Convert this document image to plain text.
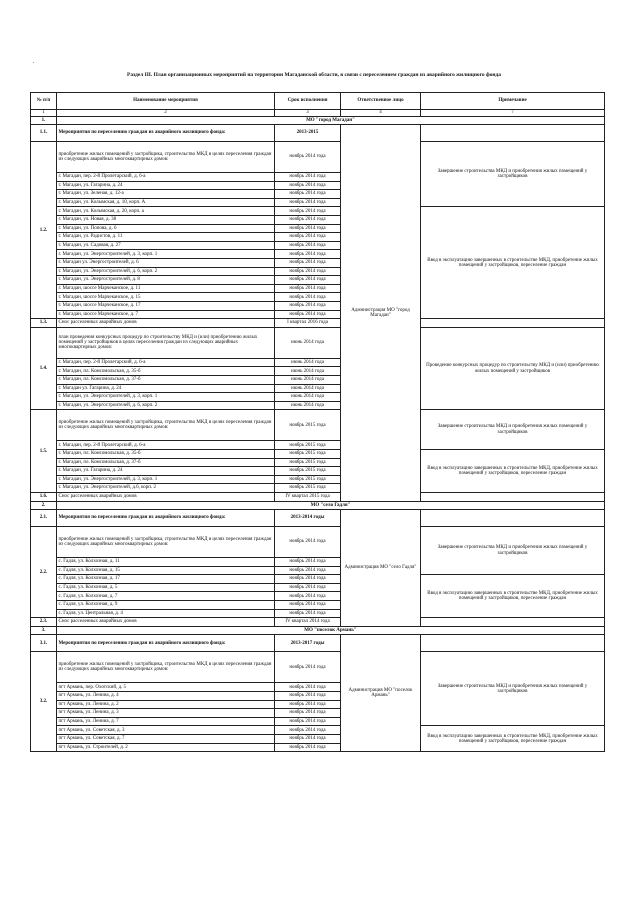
Раздел III. План организационных мероприятий на территории Магаданской области, в связи с переселением граждан из аварийного жилищного фонда
№ п/п	Наименование мероприятия	Срок исполнения	Ответственное лицо	Примечание
1	2	3	4	7
1.	МО "город Магадан"			
1.1.	Мероприятия по переселению граждан из аварийного жилищного фонда:	2013-2015	Администрация МО "город Магадан"	
1.2.	приобретение жилых помещений у застройщика, строительство МКД в целях переселения граждан из следующих аварийных многоквартирных домов:	ноябрь 2014 года		Завершение строительства МКД и приобретения жилых помещений у застройщиков
	г. Магадан, пер. 2-й Пролетарский, д. 6-а	ноябрь 2014 года		
	г. Магадан, ул. Гагарина, д. 24	ноябрь 2014 года		
	г. Магадан, ул. Зеленая, д. 12-а	ноябрь 2014 года		
	г. Магадан, ул. Колымская, д. 10, корп. А	ноябрь 2014 года		
	г. Магадан, ул. Колымская, д. 20, корп. а	ноябрь 2014 года		Ввод в эксплуатацию завершенных в строительстве МКД, приобретение жилых помещений у застройщиков, переселение граждан
	г. Магадан, ул. Новая, д. 38	ноябрь 2014 года		
	г. Магадан, ул. Попова, д. 6	ноябрь 2014 года		
	г. Магадан, ул. Радистов, д. 11	ноябрь 2014 года		
	г. Магадан, ул. Садовая, д. 27	ноябрь 2014 года		
	г. Магадан, ул. Энергостроителей, д. 3, корп. 1	ноябрь 2014 года		
	г. Магадан ул. Энергостроителей, д. 6	ноябрь 2014 года		
	г. Магадан, ул. Энергостроителей, д. 6, корп. 2	ноябрь 2014 года		
	г. Магадан, ул. Энергостроителей, д. 8	ноябрь 2014 года		
	г. Магадан, шоссе Марчеканское, д. 11	ноябрь 2014 года		
	г. Магадан, шоссе Марчеканское, д. 15	ноябрь 2014 года		
	г. Магадан, шоссе Марчеканское, д. 17	ноябрь 2014 года		
	г. Магадан, шоссе Марчеканское, д. 7	ноябрь 2014 года		
1.3.	Снос расселенных аварийных домов	I квартал 2016 года		
1.4.	план проведения конкурсных процедур по строительству МКД и (или) приобретению жилых помещений у застройщиков в целях переселения граждан из следующих аварийных многоквартирных домов:	июнь 2014 года		Проведение конкурсных процедур по строительству МКД и (или) приобретению жилых помещений у застройщиков
	г. Магадан, пер. 2-й Пролетарский, д. 6-а	июнь 2014 года		
	г. Магадан, пл. Комсомольская, д. 35-б	июнь 2014 года		
	г. Магадан, пл. Комсомольская, д. 37-б	июнь 2014 года		
	г. Магадан ул. Гагарина, д. 24	июнь 2014 года		
	г. Магадан, ул. Энергостроителей, д. 3, корп. 1	июнь 2014 года		
	г. Магадан, ул. Энергостроителей, д. 6, корп. 2	июнь 2014 года		
1.5.	приобретение жилых помещений у застройщика, строительство МКД в целях переселения граждан из следующих аварийных многоквартирных домов:	ноябрь 2015 года		Завершение строительства МКД и приобретения жилых помещений у застройщиков
	г. Магадан, пер. 2-й Пролетарский, д. 6-а	ноябрь 2015 года		
	г. Магадан, пл. Комсомольская, д. 35-б	ноябрь 2015 года		Ввод в эксплуатацию завершенных в строительстве МКД, приобретение жилых помещений у застройщиков, переселение граждан
	г. Магадан, пл. Комсомольская, д. 37-б	ноябрь 2015 года		
	г. Магадан, ул. Гагарина, д. 24	ноябрь 2015 года		
	г. Магадан, ул. Энергостроителей, д. 3, корп. 1	ноябрь 2015 года		
	г. Магадан, ул. Энергостроителей, д.6, корп. 2	ноябрь 2015 года		
1.6.	Снос расселенных аварийных домов	IV квартал 2015 года		
2.	МО "село Гадля"			
2.1.	Мероприятия по переселению граждан из аварийного жилищного фонда:	2013-2014 годы	Администрация МО "село Гадля"	
2.2.	приобретение жилых помещений у застройщика, строительство МКД в целях переселения граждан из следующих аварийных многоквартирных домов:	ноябрь 2014 года		Завершение строительства МКД и приобретения жилых помещений у застройщиков
	с. Гадля, ул. Колхозная, д. 11	ноябрь 2014 года		
	с. Гадля, ул. Колхозная, д. 15	ноябрь 2014 года		
	с. Гадля, ул. Колхозная, д. 17	ноябрь 2014 года		Ввод в эксплуатацию завершенных в строительстве МКД, приобретение жилых помещений у застройщиков, переселение граждан
	с. Гадля, ул. Колхозная, д. 5	ноябрь 2014 года		
	с. Гадля, ул. Колхозная, д. 7	ноябрь 2014 года		
	с. Гадля, ул. Колхозная, д. 9	ноябрь 2014 года		
	с. Гадля, ул. Центральная, д. 4	ноябрь 2014 года		
2.3.	Снос расселенных аварийных домов	IV квартал 2014 года		
3.	МО "поселок Армань"			
3.1.	Мероприятия по переселению граждан из аварийного жилищного фонда:	2013-2017 годы	Администрация МО "поселок Армань"	
3.2.	приобретение жилых помещений у застройщика, строительство МКД в целях переселения граждан из следующих аварийных многоквартирных домов:	ноябрь 2014 года		Завершение строительства МКД и приобретения жилых помещений у застройщиков
	пгт Армань, пер. Охотский, д. 5	ноябрь 2014 года		
	пгт Армань, ул. Ленина, д. 4	ноябрь 2014 года		
	пгт Армань, ул. Ленина, д. 2	ноябрь 2014 года		
	пгт Армань, ул. Ленина, д. 3	ноябрь 2014 года		
	пгт Армань, ул. Ленина, д. 7	ноябрь 2014 года		
	пгт Армань, ул. Советская, д. 3	ноябрь 2014 года		Ввод в эксплуатацию завершенных в строительстве МКД, приобретение жилых помещений у застройщиков, переселение граждан
	пгт Армань, ул. Советская, д. 7	ноябрь 2014 года		
	пгт Армань, ул. Строителей, д. 2	ноябрь 2014 года		
